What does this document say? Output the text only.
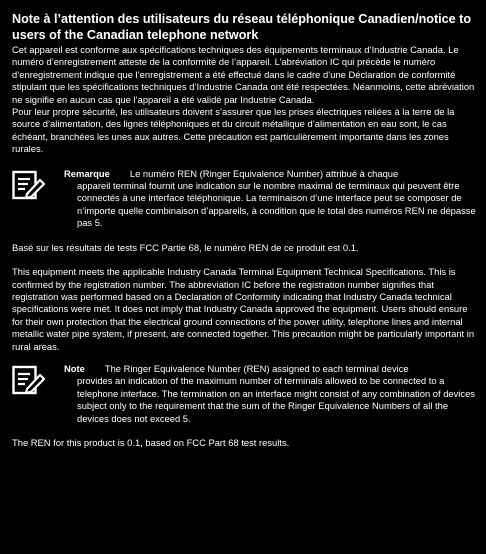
Note à l’attention des utilisateurs du réseau téléphonique Canadien/notice to users of the Canadian telephone network

Cet appareil est conforme aux spécifications techniques des équipements terminaux d’Industrie Canada. Le numéro d’enregistrement atteste de la conformité de l’appareil. L’abréviation IC qui précède le numéro d’enregistrement indique que l’enregistrement a été effectué dans le cadre d’une Déclaration de conformité stipulant que les spécifications techniques d’Industrie Canada ont été respectées. Néanmoins, cette abréviation ne signifie en aucun cas que l’appareil a été validé par Industrie Canada.

Pour leur propre sécurité, les utilisateurs doivent s’assurer que les prises électriques reliées à la terre de la source d’alimentation, des lignes téléphoniques et du circuit métallique d’alimentation en eau sont, le cas échéant, branchées les unes aux autres. Cette précaution est particulièrement importante dans les zones rurales.

Remarque Le numéro REN (Ringer Equivalence Number) attribué à chaque

appareil terminal fournit une indication sur le nombre maximal de terminaux qui peuvent être connectés à une interface téléphonique. La terminaison d’une interface peut se composer de n’importe quelle combinaison d’appareils, à condition que le total des numéros REN ne dépasse pas 5.

Basé sur les résultats de tests FCC Partie 68, le numéro REN de ce produit est 0.1.

This equipment meets the applicable Industry Canada Terminal Equipment Technical Specifications. This is confirmed by the registration number. The abbreviation IC before the registration number signifies that registration was performed based on a Declaration of Conformity indicating that Industry Canada technical specifications were met. It does not imply that Industry Canada approved the equipment. Users should ensure for their own protection that the electrical ground connections of the power utility, telephone lines and internal metallic water pipe system, if present, are connected together. This precaution might be particularly important in rural areas.

Note The Ringer Equivalence Number (REN) assigned to each terminal device

provides an indication of the maximum number of terminals allowed to be connected to a telephone interface. The termination on an interface might consist of any combination of devices subject only to the requirement that the sum of the Ringer Equivalence Numbers of all the devices does not exceed 5.

The REN for this product is 0.1, based on FCC Part 68 test results.
